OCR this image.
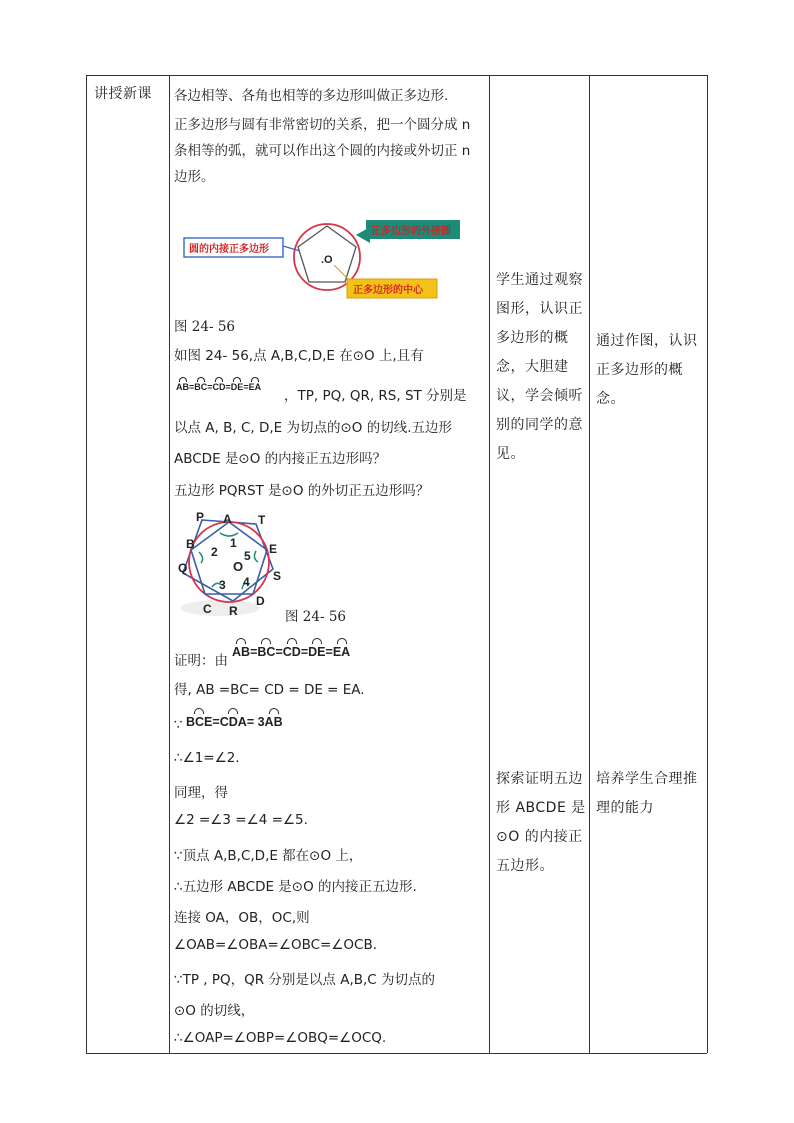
讲授新课 各边相等、各角也相等的多边形叫做正多边形.
正多边形与圆有非常密切的关系，把一个圆分成 n 条相等的弧，就可以作出这个圆的内接或外切正 n 边形。
.O
圆的内接正多边形
正多边形的外接圆
正多边形的中心
图 24- 56
如图 24- 56,点 A,B,C,D,E 在⊙O 上,且有
AB=BC=CD=DE=EA
，TP, PQ, QR, RS, ST 分别是
以点 A, B, C, D,E 为切点的⊙O 的切线.五边形
ABCDE 是⊙O 的内接正五边形吗？
五边形 PQRST 是⊙O 的外切正五边形吗？
P A T
B	E
Q
S
C R
D
O
1
2
3 4
5
图 24- 56
证明：由
AB=BC=CD=DE=EA
得, AB =BC= CD = DE = EA.
∵ BCE=CDA= 3AB
∴∠1=∠2.
同理，得
∠2 =∠3 =∠4 =∠5.
∵顶点 A,B,C,D,E 都在⊙O 上，
∴五边形 ABCDE 是⊙O 的内接正五边形.
连接 OA，OB，OC,则
∠OAB=∠OBA=∠OBC=∠OCB.
∵TP , PQ，QR 分别是以点 A,B,C 为切点的
⊙O 的切线，
∴∠OAP=∠OBP=∠OBQ=∠OCQ.
学生通过观察图形，认识正多边形的概念，大胆建议，学会倾听别的同学的意见。
探索证明五边形 ABCDE 是⊙O 的内接正五边形。
通过作图，认识正多边形的概念。
培养学生合理推理的能力
